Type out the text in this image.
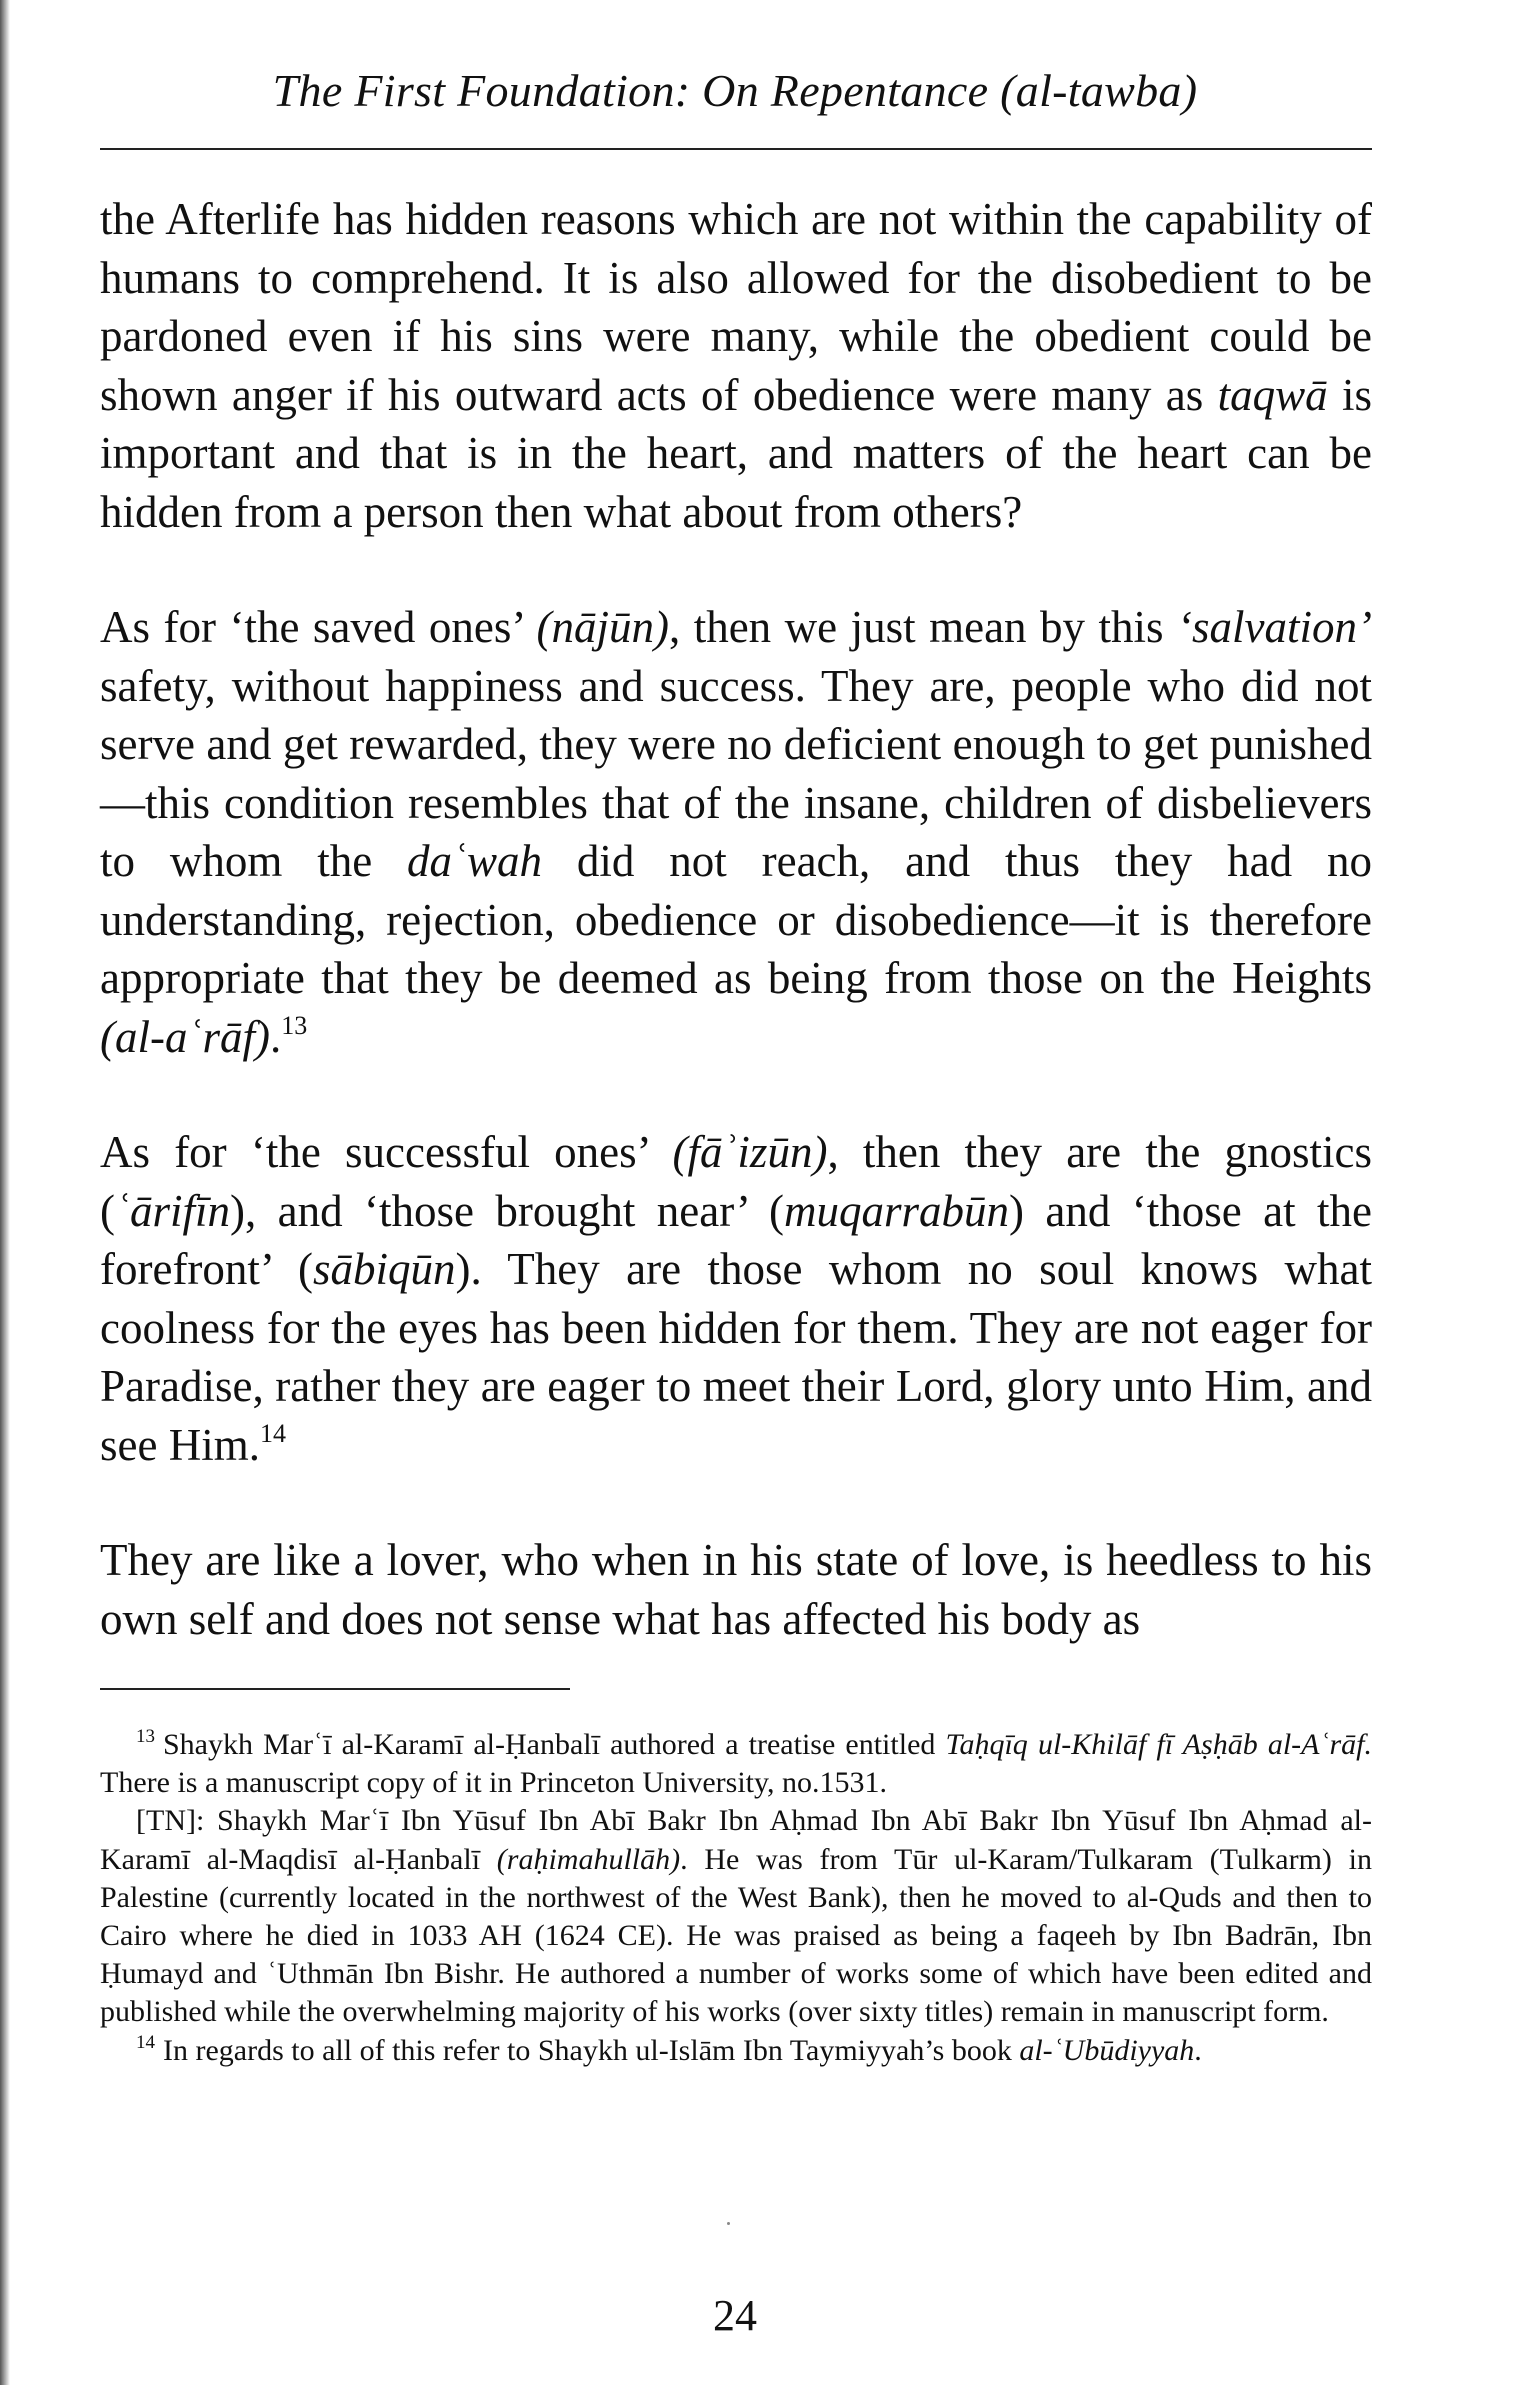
The First Foundation: On Repentance (al-tawba)

the Afterlife has hidden reasons which are not within the capability of humans to comprehend. It is also allowed for the disobedient to be pardoned even if his sins were many, while the obedient could be shown anger if his outward acts of obedience were many as taqwā is important and that is in the heart, and matters of the heart can be hidden from a person then what about from others?

As for ‘the saved ones’ (nājūn), then we just mean by this ‘salvation’ safety, without happiness and success. They are, people who did not serve and get rewarded, they were no deficient enough to get punished—this condition resembles that of the insane, children of disbelievers to whom the daʿwah did not reach, and thus they had no understanding, rejection, obedience or disobedience—it is therefore appropriate that they be deemed as being from those on the Heights (al-aʿrāf).$^{13}$

As for ‘the successful ones’ (fāʾizūn), then they are the gnostics (ʿārifīn), and ‘those brought near’ (muqarrabūn) and ‘those at the forefront’ (sābiqūn). They are those whom no soul knows what coolness for the eyes has been hidden for them. They are not eager for Paradise, rather they are eager to meet their Lord, glory unto Him, and see Him.$^{14}$

They are like a lover, who when in his state of love, is heedless to his own self and does not sense what has affected his body as

$^{13}$ Shaykh Marʿī al-Karamī al-Ḥanbalī authored a treatise entitled Taḥqīq ul-Khilāf fī Aṣḥāb al-Aʿrāf. There is a manuscript copy of it in Princeton University, no.1531.

[TN]: Shaykh Marʿī Ibn Yūsuf Ibn Abī Bakr Ibn Aḥmad Ibn Abī Bakr Ibn Yūsuf Ibn Aḥmad al-Karamī al-Maqdisī al-Ḥanbalī (raḥimahullāh). He was from Tūr ul-Karam/Tulkaram (Tulkarm) in Palestine (currently located in the northwest of the West Bank), then he moved to al-Quds and then to Cairo where he died in 1033 AH (1624 CE). He was praised as being a faqeeh by Ibn Badrān, Ibn Ḥumayd and ʿUthmān Ibn Bishr. He authored a number of works some of which have been edited and published while the overwhelming majority of his works (over sixty titles) remain in manuscript form.

$^{14}$ In regards to all of this refer to Shaykh ul-Islām Ibn Taymiyyah’s book al-ʿUbūdiyyah.

24
